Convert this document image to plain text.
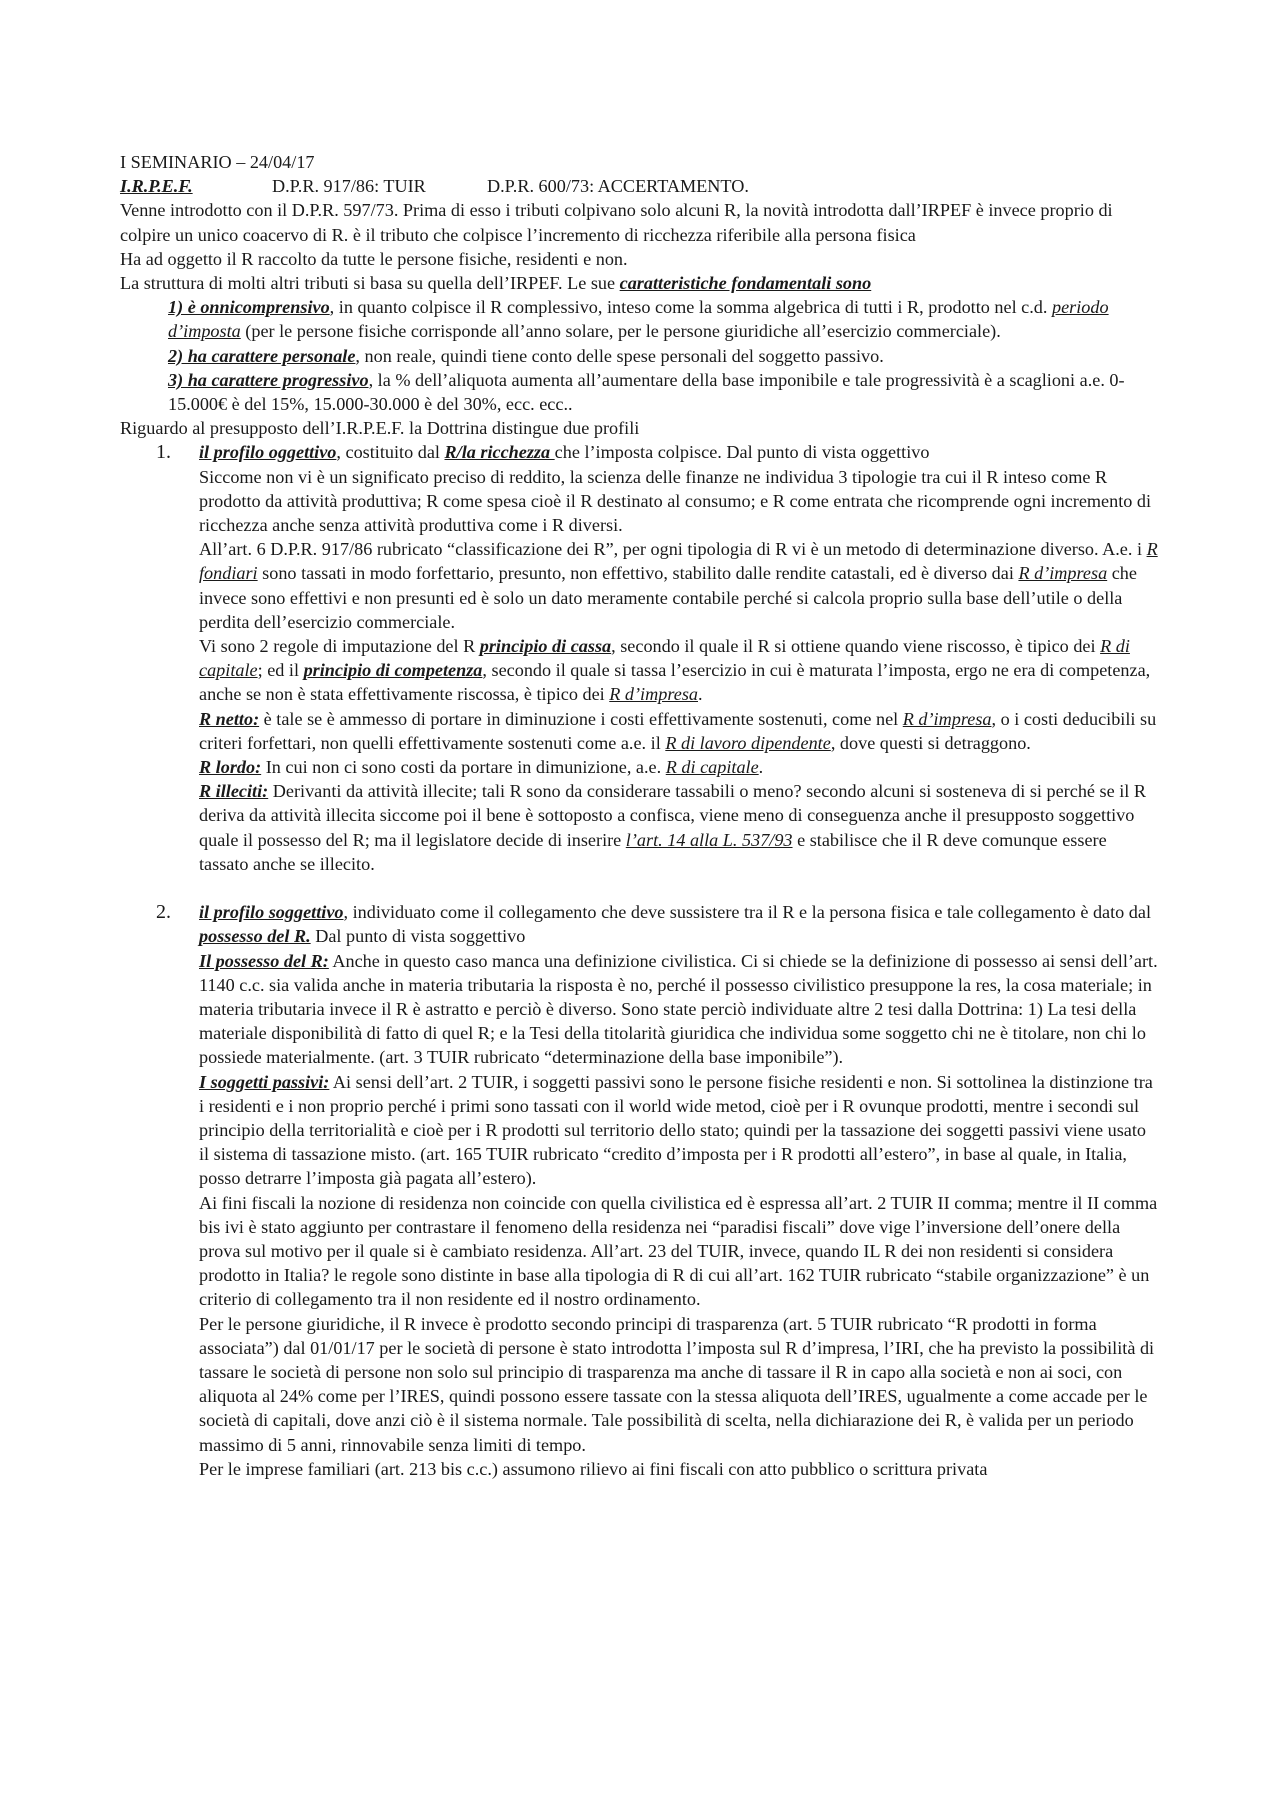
I SEMINARIO – 24/04/17

I.R.P.E.F.	D.P.R. 917/86: TUIR	D.P.R. 600/73: ACCERTAMENTO.

Venne introdotto con il D.P.R. 597/73. Prima di esso i tributi colpivano solo alcuni R, la novità introdotta dall’IRPEF è invece proprio di colpire un unico coacervo di R. è il tributo che colpisce l’incremento di ricchezza riferibile alla persona fisica

Ha ad oggetto il R raccolto da tutte le persone fisiche, residenti e non.

La struttura di molti altri tributi si basa su quella dell’IRPEF. Le sue caratteristiche fondamentali sono

1) è onnicomprensivo, in quanto colpisce il R complessivo, inteso come la somma algebrica di tutti i R, prodotto nel c.d. periodo d’imposta (per le persone fisiche corrisponde all’anno solare, per le persone giuridiche all’esercizio commerciale).

2) ha carattere personale, non reale, quindi tiene conto delle spese personali del soggetto passivo.

3) ha carattere progressivo, la % dell’aliquota aumenta all’aumentare della base imponibile e tale progressività è a scaglioni a.e. 0-15.000€ è del 15%, 15.000-30.000 è del 30%, ecc. ecc..

Riguardo al presupposto dell’I.R.P.E.F. la Dottrina distingue due profili

1.	il profilo oggettivo, costituito dal R/la ricchezza che l’imposta colpisce. Dal punto di vista oggettivo

Siccome non vi è un significato preciso di reddito, la scienza delle finanze ne individua 3 tipologie tra cui il R inteso come R prodotto da attività produttiva; R come spesa cioè il R destinato al consumo; e R come entrata che ricomprende ogni incremento di ricchezza anche senza attività produttiva come i R diversi.

All’art. 6 D.P.R. 917/86 rubricato “classificazione dei R”, per ogni tipologia di R vi è un metodo di determinazione diverso. A.e. i R fondiari sono tassati in modo forfettario, presunto, non effettivo, stabilito dalle rendite catastali, ed è diverso dai R d’impresa che invece sono effettivi e non presunti ed è solo un dato meramente contabile perché si calcola proprio sulla base dell’utile o della perdita dell’esercizio commerciale.

Vi sono 2 regole di imputazione del R principio di cassa, secondo il quale il R si ottiene quando viene riscosso, è tipico dei R di capitale; ed il principio di competenza, secondo il quale si tassa l’esercizio in cui è maturata l’imposta, ergo ne era di competenza, anche se non è stata effettivamente riscossa, è tipico dei R d’impresa.

R netto: è tale se è ammesso di portare in diminuzione i costi effettivamente sostenuti, come nel R d’impresa, o i costi deducibili su criteri forfettari, non quelli effettivamente sostenuti come a.e. il R di lavoro dipendente, dove questi si detraggono.

R lordo: In cui non ci sono costi da portare in dimunizione, a.e. R di capitale.

R illeciti: Derivanti da attività illecite; tali R sono da considerare tassabili o meno? secondo alcuni si sosteneva di si perché se il R deriva da attività illecita siccome poi il bene è sottoposto a confisca, viene meno di conseguenza anche il presupposto soggettivo quale il possesso del R; ma il legislatore decide di inserire l’art. 14 alla L. 537/93 e stabilisce che il R deve comunque essere tassato anche se illecito.

2.	il profilo soggettivo, individuato come il collegamento che deve sussistere tra il R e la persona fisica e tale collegamento è dato dal possesso del R. Dal punto di vista soggettivo

Il possesso del R: Anche in questo caso manca una definizione civilistica. Ci si chiede se la definizione di possesso ai sensi dell’art. 1140 c.c. sia valida anche in materia tributaria la risposta è no, perché il possesso civilistico presuppone la res, la cosa materiale; in materia tributaria invece il R è astratto e perciò è diverso. Sono state perciò individuate altre 2 tesi dalla Dottrina: 1) La tesi della materiale disponibilità di fatto di quel R; e la Tesi della titolarità giuridica che individua some soggetto chi ne è titolare, non chi lo possiede materialmente. (art. 3 TUIR rubricato “determinazione della base imponibile”).

I soggetti passivi: Ai sensi dell’art. 2 TUIR, i soggetti passivi sono le persone fisiche residenti e non. Si sottolinea la distinzione tra i residenti e i non proprio perché i primi sono tassati con il world wide metod, cioè per i R ovunque prodotti, mentre i secondi sul principio della territorialità e cioè per i R prodotti sul territorio dello stato; quindi per la tassazione dei soggetti passivi viene usato il sistema di tassazione misto. (art. 165 TUIR rubricato “credito d’imposta per i R prodotti all’estero”, in base al quale, in Italia, posso detrarre l’imposta già pagata all’estero).

Ai fini fiscali la nozione di residenza non coincide con quella civilistica ed è espressa all’art. 2 TUIR II comma; mentre il II comma bis ivi è stato aggiunto per contrastare il fenomeno della residenza nei “paradisi fiscali” dove vige l’inversione dell’onere della prova sul motivo per il quale si è cambiato residenza. All’art. 23 del TUIR, invece, quando IL R dei non residenti si considera prodotto in Italia? le regole sono distinte in base alla tipologia di R di cui all’art. 162 TUIR rubricato “stabile organizzazione” è un criterio di collegamento tra il non residente ed il nostro ordinamento.

Per le persone giuridiche, il R invece è prodotto secondo principi di trasparenza (art. 5 TUIR rubricato “R prodotti in forma associata”) dal 01/01/17 per le società di persone è stato introdotta l’imposta sul R d’impresa, l’IRI, che ha previsto la possibilità di tassare le società di persone non solo sul principio di trasparenza ma anche di tassare il R in capo alla società e non ai soci, con aliquota al 24% come per l’IRES, quindi possono essere tassate con la stessa aliquota dell’IRES, ugualmente a come accade per le società di capitali, dove anzi ciò è il sistema normale. Tale possibilità di scelta, nella dichiarazione dei R, è valida per un periodo massimo di 5 anni, rinnovabile senza limiti di tempo.

Per le imprese familiari (art. 213 bis c.c.) assumono rilievo ai fini fiscali con atto pubblico o scrittura privata
